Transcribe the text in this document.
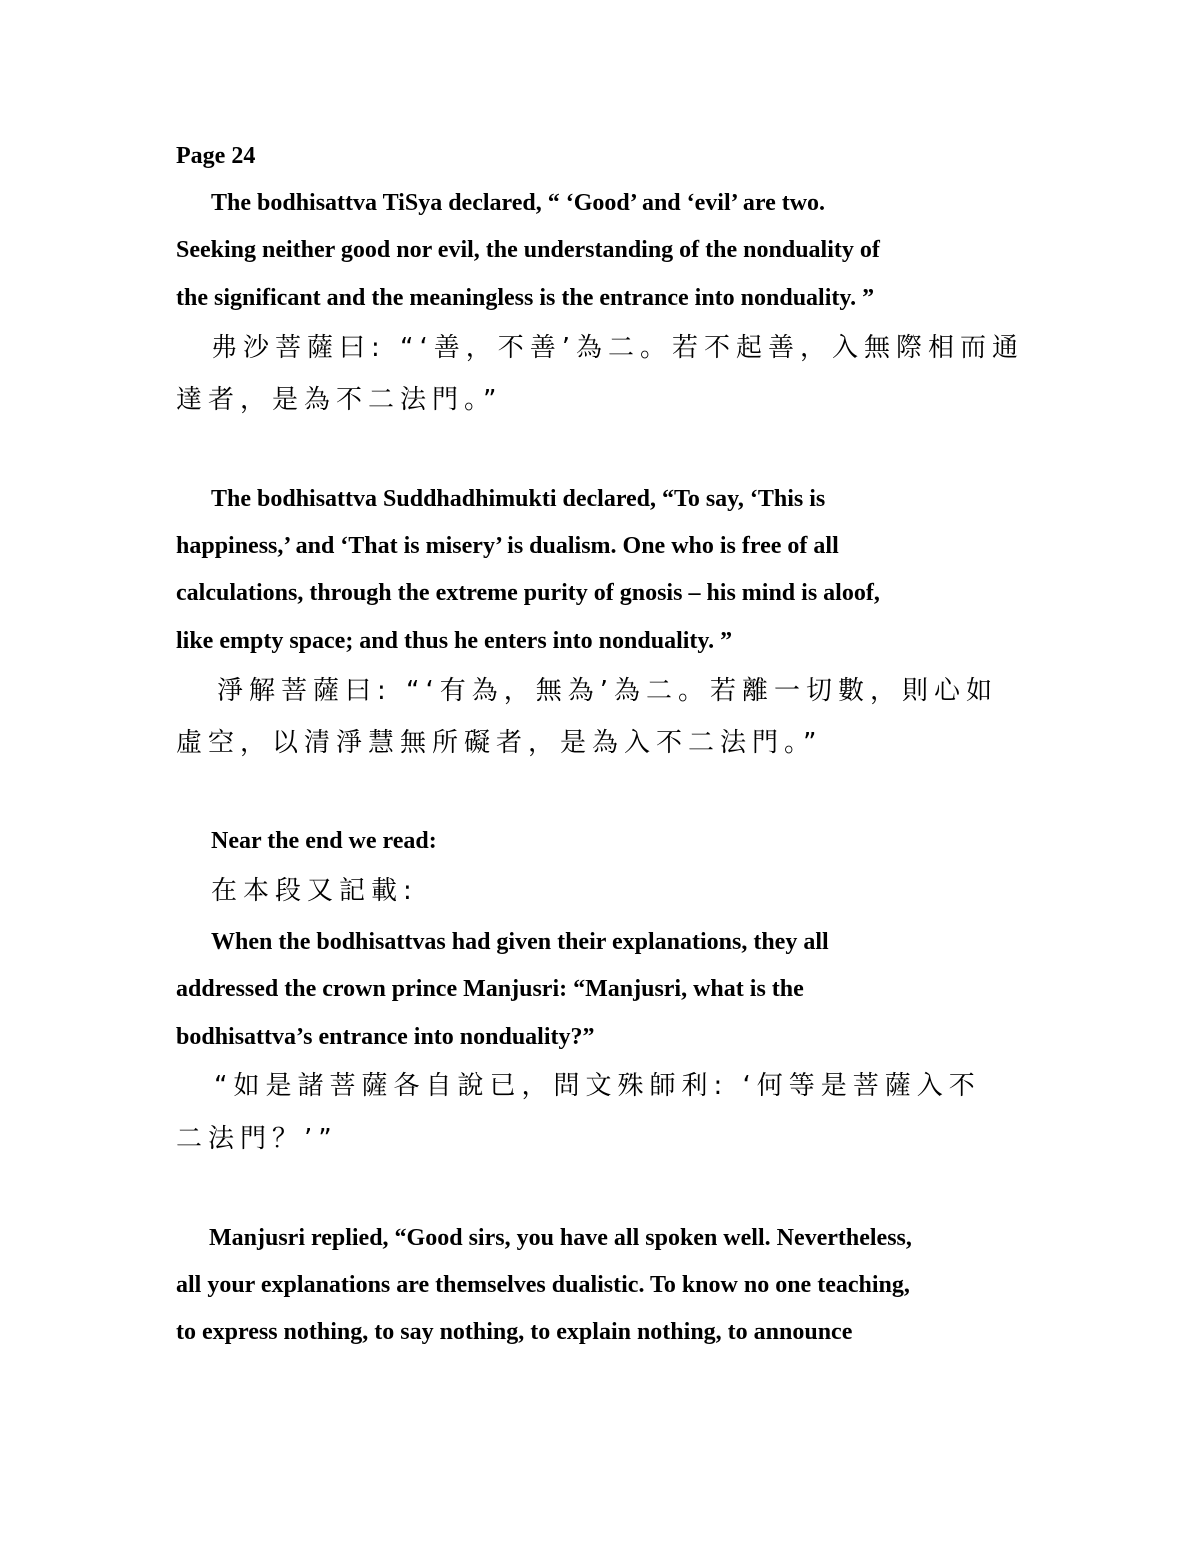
Page 24
The bodhisattva TiSya declared, “ ‘Good’ and ‘evil’ are two.
Seeking neither good nor evil, the understanding of the nonduality of
the significant and the meaningless is the entrance into nonduality. ”
弗沙菩薩曰: “‘善，不善’為二。若不起善，入無際相而通
達者，是為不二法門。”
The bodhisattva Suddhadhimukti declared, “To say, ‘This is
happiness,’ and ‘That is misery’ is dualism. One who is free of all
calculations, through the extreme purity of gnosis – his mind is aloof,
like empty space; and thus he enters into nonduality. ”
淨解菩薩曰: “‘有為，無為’為二。若離一切數，則心如
虛空，以清淨慧無所礙者，是為入不二法門。”
Near the end we read:
在本段又記載:
When the bodhisattvas had given their explanations, they all
addressed the crown prince Manjusri: “Manjusri, what is the
bodhisattva’s entrance into nonduality?”
“如是諸菩薩各自說已，問文殊師利: ‘何等是菩薩入不
二法門？’”
Manjusri replied, “Good sirs, you have all spoken well. Nevertheless,
all your explanations are themselves dualistic. To know no one teaching,
to express nothing, to say nothing, to explain nothing, to announce
